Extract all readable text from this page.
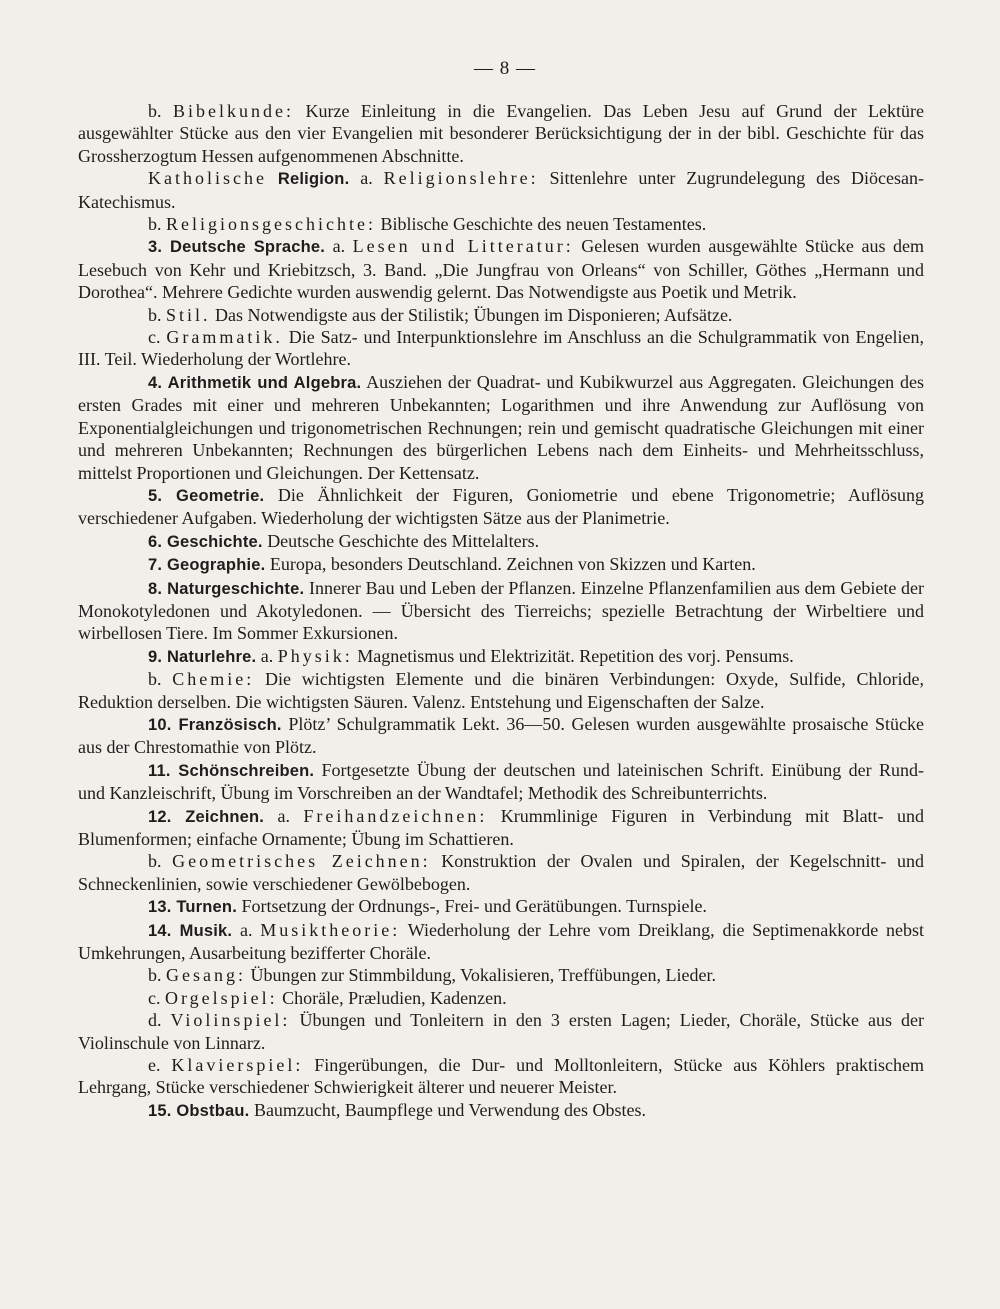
— 8 —

b. Bibelkunde: Kurze Einleitung in die Evangelien. Das Leben Jesu auf Grund der Lektüre ausgewählter Stücke aus den vier Evangelien mit besonderer Berücksichtigung der in der bibl. Geschichte für das Grossherzogtum Hessen aufgenommenen Abschnitte.

Katholische Religion. a. Religionslehre: Sittenlehre unter Zugrundelegung des Diöcesan-Katechismus.

b. Religionsgeschichte: Biblische Geschichte des neuen Testamentes.

3. Deutsche Sprache. a. Lesen und Litteratur: Gelesen wurden ausgewählte Stücke aus dem Lesebuch von Kehr und Kriebitzsch, 3. Band. „Die Jungfrau von Orleans“ von Schiller, Göthes „Hermann und Dorothea“. Mehrere Gedichte wurden auswendig gelernt. Das Notwendigste aus Poetik und Metrik.

b. Stil. Das Notwendigste aus der Stilistik; Übungen im Disponieren; Aufsätze.

c. Grammatik. Die Satz- und Interpunktionslehre im Anschluss an die Schulgrammatik von Engelien, III. Teil. Wiederholung der Wortlehre.

4. Arithmetik und Algebra. Ausziehen der Quadrat- und Kubikwurzel aus Aggregaten. Gleichungen des ersten Grades mit einer und mehreren Unbekannten; Logarithmen und ihre Anwendung zur Auflösung von Exponentialgleichungen und trigonometrischen Rechnungen; rein und gemischt quadratische Gleichungen mit einer und mehreren Unbekannten; Rechnungen des bürgerlichen Lebens nach dem Einheits- und Mehrheitsschluss, mittelst Proportionen und Gleichungen. Der Kettensatz.

5. Geometrie. Die Ähnlichkeit der Figuren, Goniometrie und ebene Trigonometrie; Auflösung verschiedener Aufgaben. Wiederholung der wichtigsten Sätze aus der Planimetrie.

6. Geschichte. Deutsche Geschichte des Mittelalters.

7. Geographie. Europa, besonders Deutschland. Zeichnen von Skizzen und Karten.

8. Naturgeschichte. Innerer Bau und Leben der Pflanzen. Einzelne Pflanzenfamilien aus dem Gebiete der Monokotyledonen und Akotyledonen. — Übersicht des Tierreichs; spezielle Betrachtung der Wirbeltiere und wirbellosen Tiere. Im Sommer Exkursionen.

9. Naturlehre. a. Physik: Magnetismus und Elektrizität. Repetition des vorj. Pensums.

b. Chemie: Die wichtigsten Elemente und die binären Verbindungen: Oxyde, Sulfide, Chloride, Reduktion derselben. Die wichtigsten Säuren. Valenz. Entstehung und Eigenschaften der Salze.

10. Französisch. Plötz’ Schulgrammatik Lekt. 36—50. Gelesen wurden ausgewählte prosaische Stücke aus der Chrestomathie von Plötz.

11. Schönschreiben. Fortgesetzte Übung der deutschen und lateinischen Schrift. Einübung der Rund- und Kanzleischrift, Übung im Vorschreiben an der Wandtafel; Methodik des Schreibunterrichts.

12. Zeichnen. a. Freihandzeichnen: Krummlinige Figuren in Verbindung mit Blatt- und Blumenformen; einfache Ornamente; Übung im Schattieren.

b. Geometrisches Zeichnen: Konstruktion der Ovalen und Spiralen, der Kegelschnitt- und Schneckenlinien, sowie verschiedener Gewölbebogen.

13. Turnen. Fortsetzung der Ordnungs-, Frei- und Gerätübungen. Turnspiele.

14. Musik. a. Musiktheorie: Wiederholung der Lehre vom Dreiklang, die Septimenakkorde nebst Umkehrungen, Ausarbeitung bezifferter Choräle.

b. Gesang: Übungen zur Stimmbildung, Vokalisieren, Treffübungen, Lieder.

c. Orgelspiel: Choräle, Præludien, Kadenzen.

d. Violinspiel: Übungen und Tonleitern in den 3 ersten Lagen; Lieder, Choräle, Stücke aus der Violinschule von Linnarz.

e. Klavierspiel: Fingerübungen, die Dur- und Molltonleitern, Stücke aus Köhlers praktischem Lehrgang, Stücke verschiedener Schwierigkeit älterer und neuerer Meister.

15. Obstbau. Baumzucht, Baumpflege und Verwendung des Obstes.
